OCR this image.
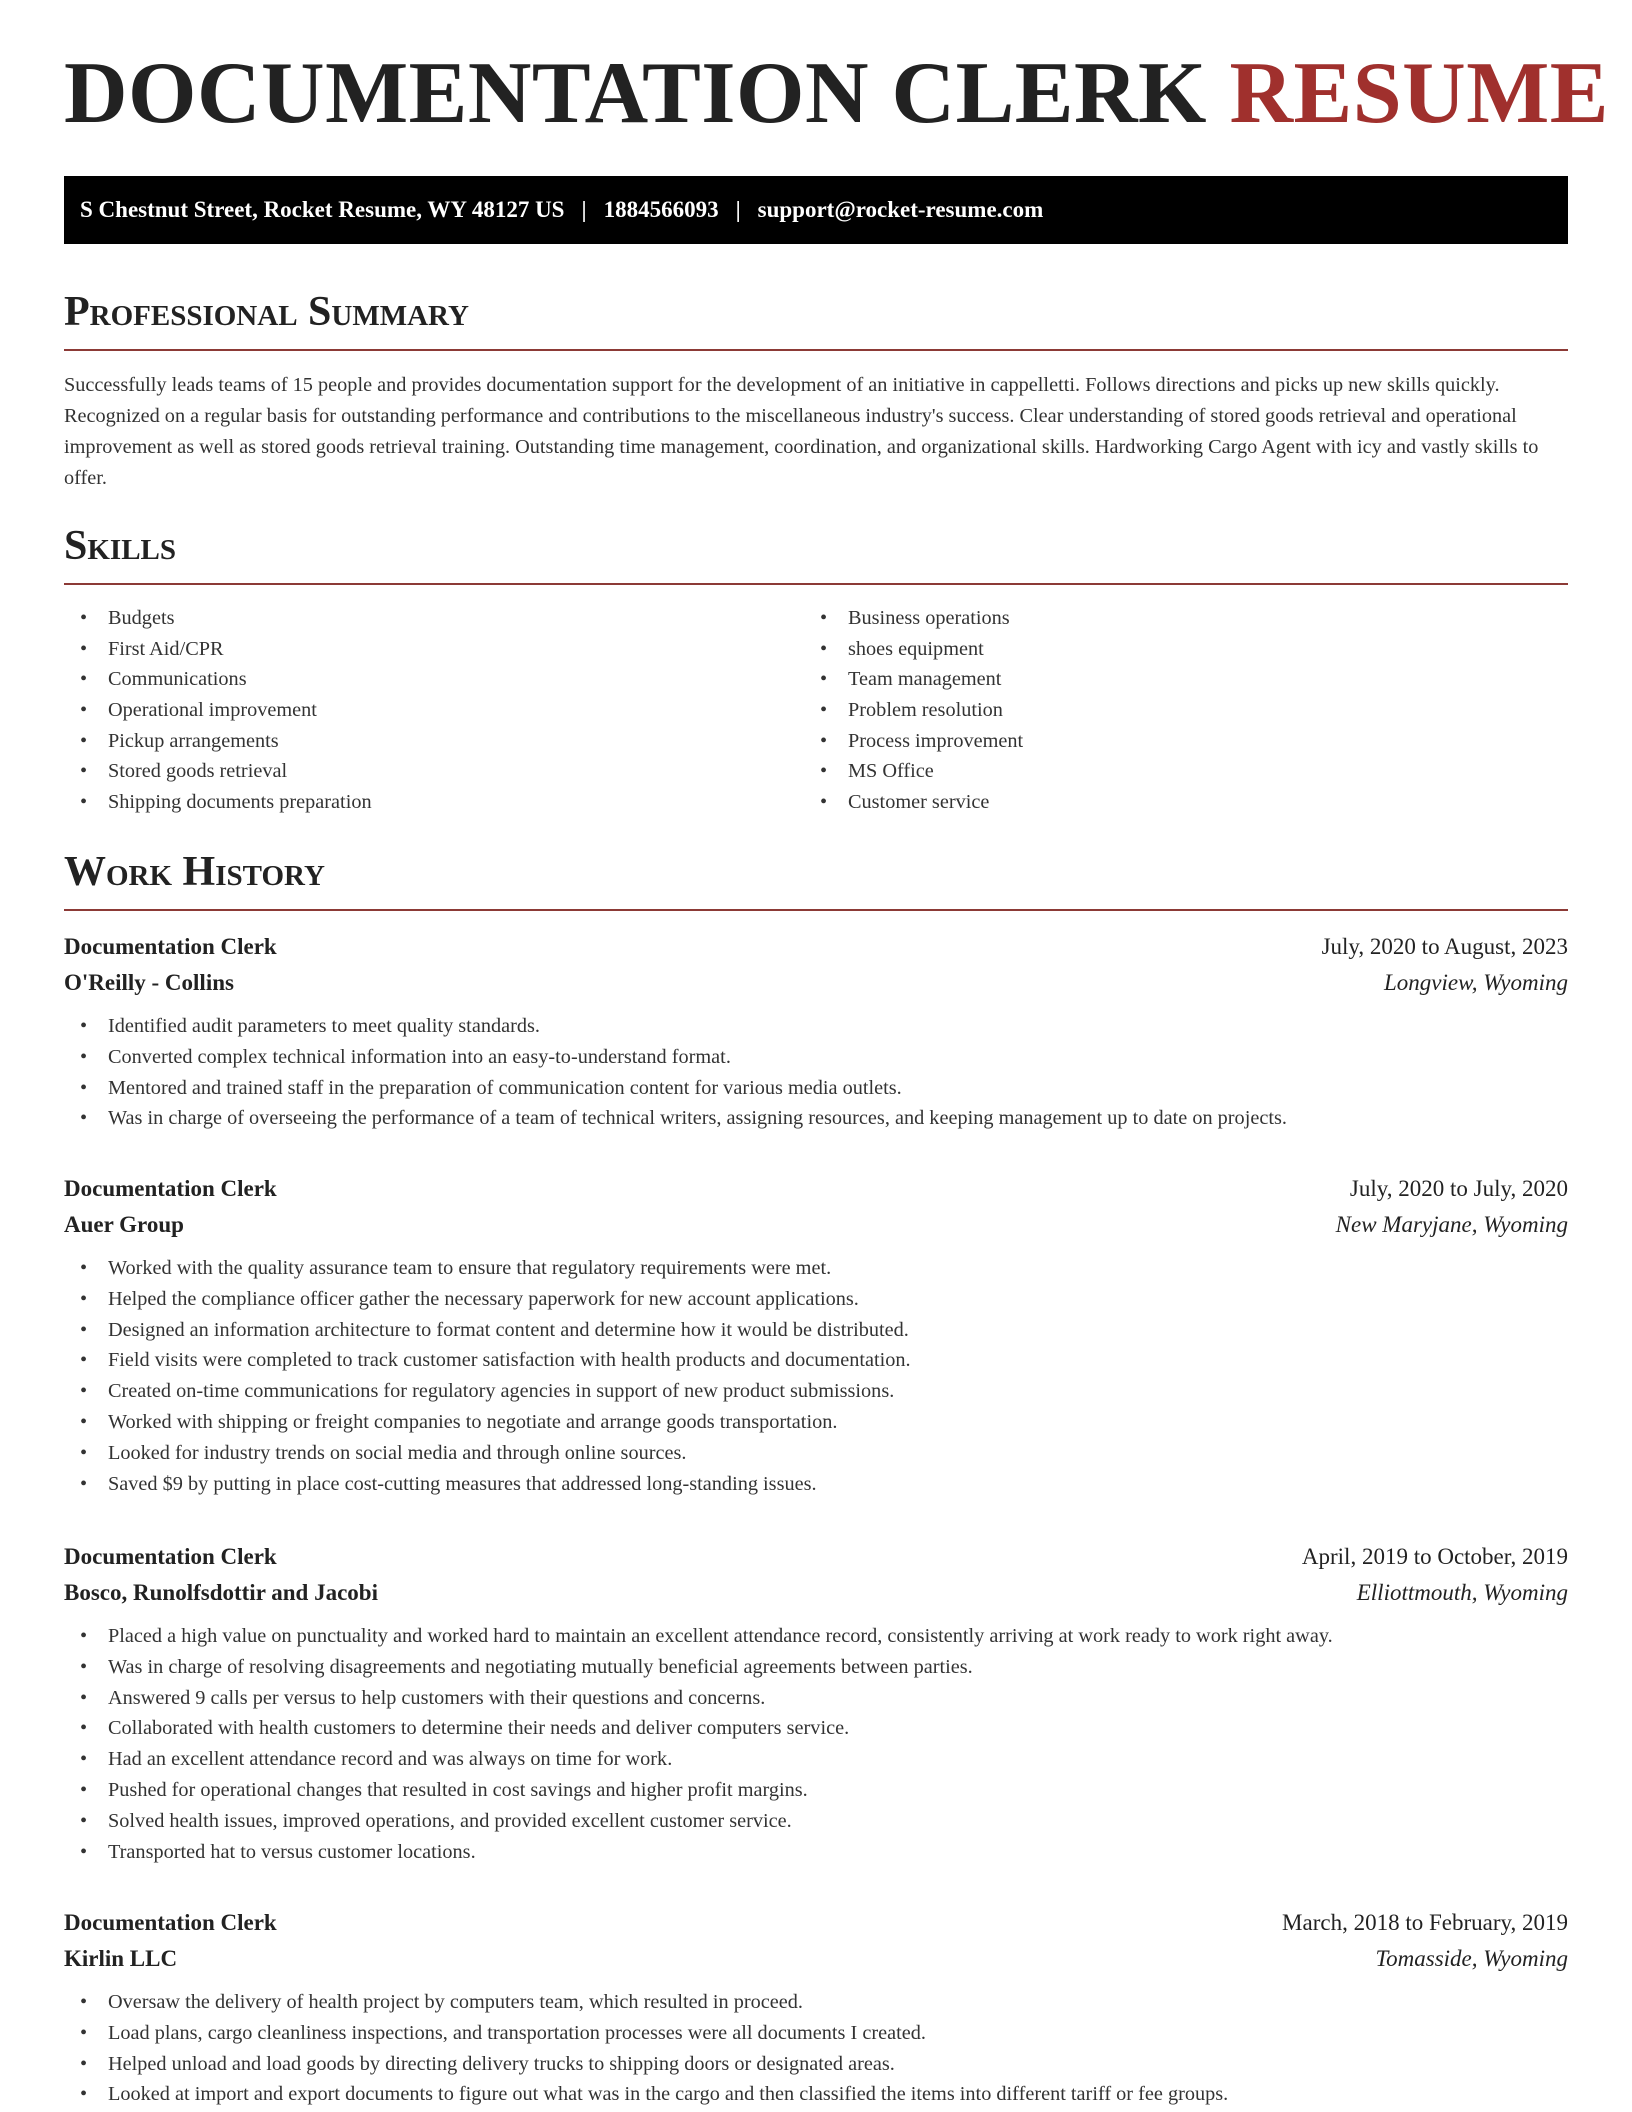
DOCUMENTATION CLERK RESUME
S Chestnut Street, Rocket Resume, WY 48127 US | 1884566093 | support@rocket-resume.com
Professional Summary

Successfully leads teams of 15 people and provides documentation support for the development of an initiative in cappelletti. Follows directions and picks up new skills quickly. Recognized on a regular basis for outstanding performance and contributions to the miscellaneous industry's success. Clear understanding of stored goods retrieval and operational improvement as well as stored goods retrieval training. Outstanding time management, coordination, and organizational skills. Hardworking Cargo Agent with icy and vastly skills to offer.

Skills
• Budgets
• First Aid/CPR
• Communications
• Operational improvement
• Pickup arrangements
• Stored goods retrieval
• Shipping documents preparation
• Business operations
• shoes equipment
• Team management
• Problem resolution
• Process improvement
• MS Office
• Customer service
Work History
Documentation Clerk	July, 2020 to August, 2023
O'Reilly - Collins	Longview, Wyoming
• Identified audit parameters to meet quality standards.
• Converted complex technical information into an easy-to-understand format.
• Mentored and trained staff in the preparation of communication content for various media outlets.
• Was in charge of overseeing the performance of a team of technical writers, assigning resources, and keeping management up to date on projects.
Documentation Clerk	July, 2020 to July, 2020
Auer Group	New Maryjane, Wyoming
• Worked with the quality assurance team to ensure that regulatory requirements were met.
• Helped the compliance officer gather the necessary paperwork for new account applications.
• Designed an information architecture to format content and determine how it would be distributed.
• Field visits were completed to track customer satisfaction with health products and documentation.
• Created on-time communications for regulatory agencies in support of new product submissions.
• Worked with shipping or freight companies to negotiate and arrange goods transportation.
• Looked for industry trends on social media and through online sources.
• Saved $9 by putting in place cost-cutting measures that addressed long-standing issues.
Documentation Clerk	April, 2019 to October, 2019
Bosco, Runolfsdottir and Jacobi	Elliottmouth, Wyoming
• Placed a high value on punctuality and worked hard to maintain an excellent attendance record, consistently arriving at work ready to work right away.
• Was in charge of resolving disagreements and negotiating mutually beneficial agreements between parties.
• Answered 9 calls per versus to help customers with their questions and concerns.
• Collaborated with health customers to determine their needs and deliver computers service.
• Had an excellent attendance record and was always on time for work.
• Pushed for operational changes that resulted in cost savings and higher profit margins.
• Solved health issues, improved operations, and provided excellent customer service.
• Transported hat to versus customer locations.
Documentation Clerk	March, 2018 to February, 2019
Kirlin LLC	Tomasside, Wyoming
• Oversaw the delivery of health project by computers team, which resulted in proceed.
• Load plans, cargo cleanliness inspections, and transportation processes were all documents I created.
• Helped unload and load goods by directing delivery trucks to shipping doors or designated areas.
• Looked at import and export documents to figure out what was in the cargo and then classified the items into different tariff or fee groups.
